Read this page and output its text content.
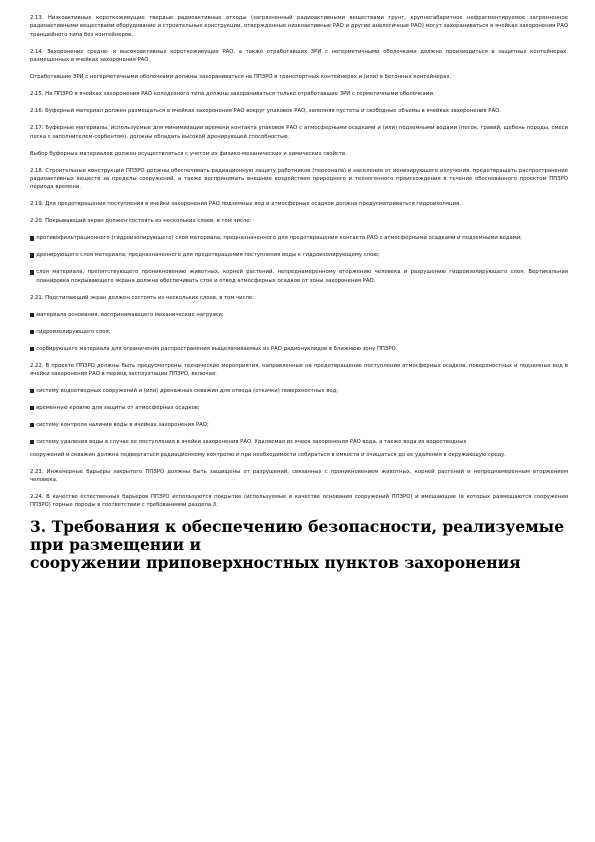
2.13. Низкоактивные короткоживущие твердые радиоактивные отходы (загрязненный радиоактивными веществами грунт, крупногабаритное нефрагментируемое загрязненное радиоактивными веществами оборудование и строительные конструкции, отвержденные низкоактивные РАО и другие аналогичные РАО) могут захораниваться в ячейках захоронения РАО траншейного типа без контейнеров.
2.14. Захоронение средне- и высокоактивных короткоживущих РАО, а также отработавших ЗРИ с негерметичными оболочками должно производиться в защитных контейнерах, размещенных в ячейках захоронения РАО.
Отработавшие ЗРИ с негерметичными оболочками должны захораниваться на ППЗРО в транспортных контейнерах и (или) в бетонных контейнерах.
2.15. На ППЗРО в ячейках захоронения РАО колодезного типа должны захораниваться только отработавшие ЗРИ с герметичными оболочками.
2.16. Буферный материал должен размещаться в ячейках захоронения РАО вокруг упаковок РАО, заполняя пустоты и свободные объемы в ячейках захоронения РАО.
2.17. Буферные материалы, используемые для минимизации времени контакта упаковок РАО с атмосферными осадками и (или) подземными водами (песок, гравий, щебень породы, смеси песка с заполнителем-сорбентом), должны обладать высокой дренирующей способностью.
Выбор буферных материалов должен осуществляться с учетом их физико-механических и химических свойств.
2.18. Строительные конструкции ППЗРО должны обеспечивать радиационную защиту работников (персонала) и населения от ионизирующего излучения, предотвращать распространение радиоактивных веществ за пределы сооружений, а также воспринимать внешние воздействия природного и техногенного происхождения в течение обоснованного проектом ППЗРО периода времени.
2.19. Для предотвращения поступления в ячейки захоронения РАО подземных вод и атмосферных осадков должна предусматриваться гидроизоляция.
2.20. Покрывающий экран должен состоять из нескольких слоев, в том числе:
противофильтрационного (гидроизолирующего) слоя материала, предназначенного для предотвращения контакта РАО с атмосферными осадками и подземными водами;
дренирующего слоя материала, предназначенного для предотвращения поступления воды к гидроизолирующему слою;
слоя материала, препятствующего проникновению животных, корней растений, непреднамеренному вторжению человека и разрушению гидроизолирующего слоя. Вертикальная планировка покрывающего экрана должна обеспечивать сток и отвод атмосферных осадков от зоны захоронения РАО.
2.21. Подстилающий экран должен состоять из нескольких слоев, в том числе:
материала основания, воспринимающего механические нагрузки;
гидроизолирующего слоя;
сорбирующего материала для ограничения распространения выщелачиваемых из РАО радионуклидов в ближнюю зону ППЗРО.
2.22. В проекте ППЗРО должны быть предусмотрены технические мероприятия, направленные на предотвращение поступления атмосферных осадков, поверхностных и подземных вод в ячейки захоронения РАО в период эксплуатации ППЗРО, включая:
систему водоотводных сооружений и (или) дренажных скважин для отвода (откачки) поверхностных вод;
временную кровлю для защиты от атмосферных осадков;
систему контроля наличия воды в ячейках захоронения РАО;
систему удаления воды в случае ее поступления в ячейки захоронения РАО. Удаляемая из ячеек захоронения РАО вода, а также вода из водоотводных
сооружений и скважин должна подвергаться радиационному контролю и при необходимости собираться в емкости и очищаться до ее удаления в окружающую среду.
2.23. Инженерные барьеры закрытого ППЗРО должны быть защищены от разрушений, связанных с проникновением животных, корней растений и непреднамеренным вторжением человека.
2.24. В качестве естественных барьеров ППЗРО используются покрытие (используемые в качестве основания сооружений ППЗРО) и вмещающие (в которых размещаются сооружения ППЗРО) горные породы в соответствии с требованиями раздела 3.
3. Требования к обеспечению безопасности, реализуемые при размещении и
сооружении приповерхностных пунктов захоронения
